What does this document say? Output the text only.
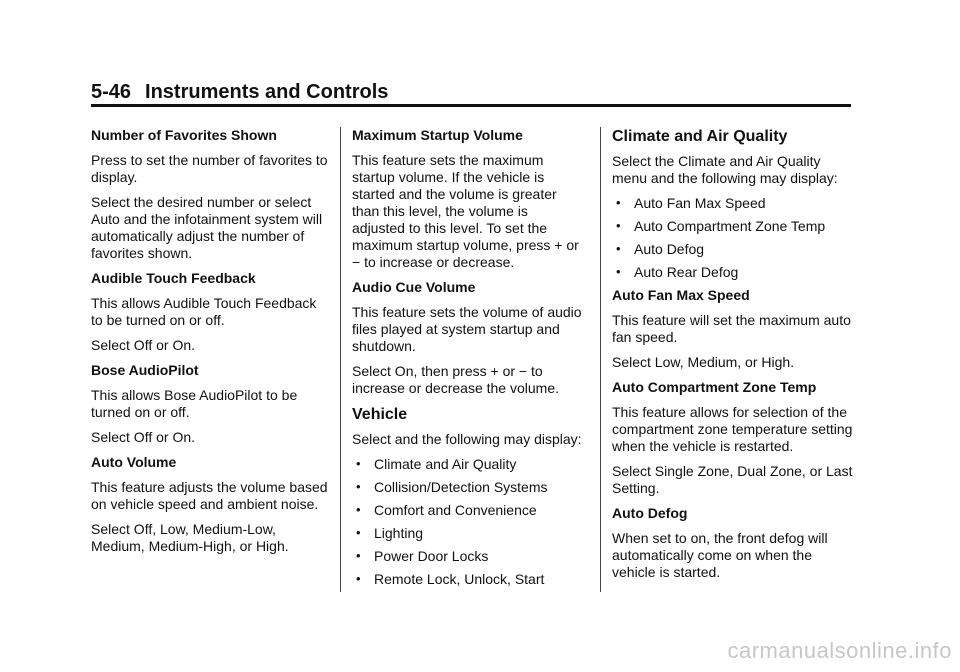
5-46 Instruments and Controls
Number of Favorites Shown
Press to set the number of favorites to display.
Select the desired number or select Auto and the infotainment system will automatically adjust the number of favorites shown.
Audible Touch Feedback
This allows Audible Touch Feedback to be turned on or off.
Select Off or On.
Bose AudioPilot
This allows Bose AudioPilot to be turned on or off.
Select Off or On.
Auto Volume
This feature adjusts the volume based on vehicle speed and ambient noise.
Select Off, Low, Medium-Low, Medium, Medium-High, or High.
Maximum Startup Volume
This feature sets the maximum startup volume. If the vehicle is started and the volume is greater than this level, the volume is adjusted to this level. To set the maximum startup volume, press + or − to increase or decrease.
Audio Cue Volume
This feature sets the volume of audio files played at system startup and shutdown.
Select On, then press + or − to increase or decrease the volume.
Vehicle
Select and the following may display:
• Climate and Air Quality
• Collision/Detection Systems
• Comfort and Convenience
• Lighting
• Power Door Locks
• Remote Lock, Unlock, Start
Climate and Air Quality
Select the Climate and Air Quality menu and the following may display:
• Auto Fan Max Speed
• Auto Compartment Zone Temp
• Auto Defog
• Auto Rear Defog
Auto Fan Max Speed
This feature will set the maximum auto fan speed.
Select Low, Medium, or High.
Auto Compartment Zone Temp
This feature allows for selection of the compartment zone temperature setting when the vehicle is restarted.
Select Single Zone, Dual Zone, or Last Setting.
Auto Defog
When set to on, the front defog will automatically come on when the vehicle is started.
carmanualsonline.info
